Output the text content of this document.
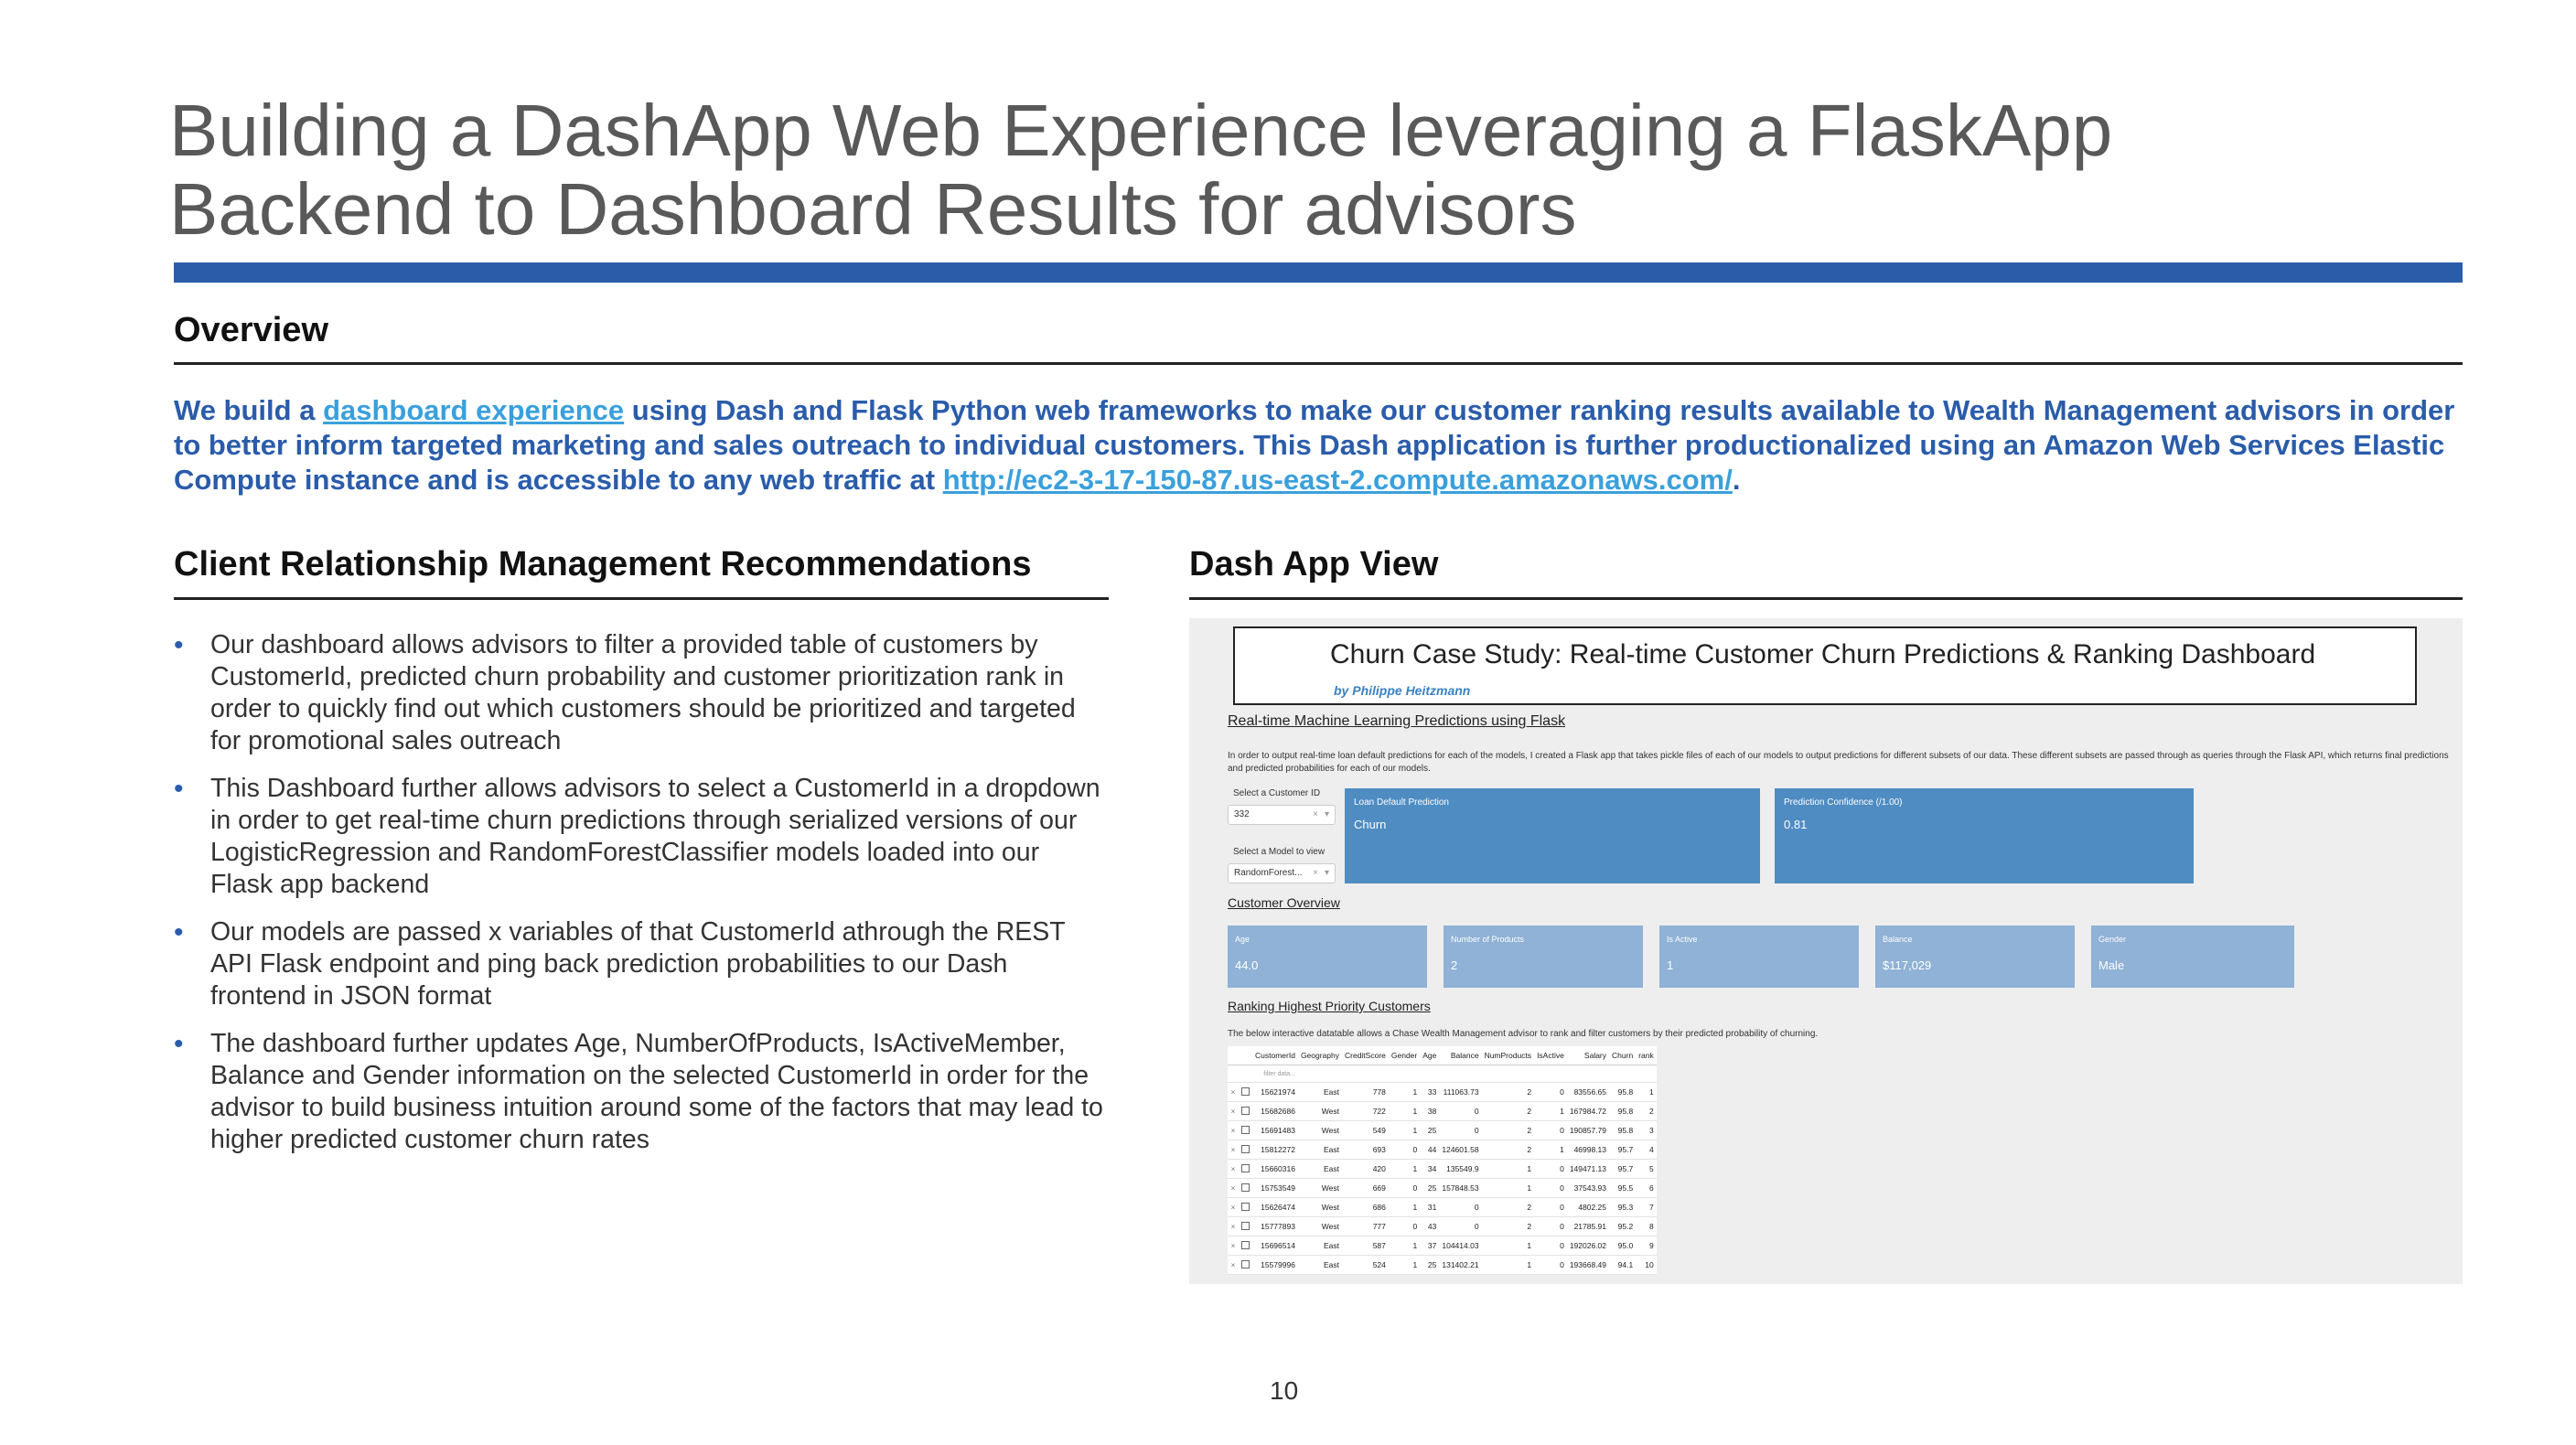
Building a DashApp Web Experience leveraging a FlaskApp
Backend to Dashboard Results for advisors
Overview
We build a dashboard experience using Dash and Flask Python web frameworks to make our customer ranking results available to Wealth Management advisors in order to better inform targeted marketing and sales outreach to individual customers. This Dash application is further productionalized using an Amazon Web Services Elastic Compute instance and is accessible to any web traffic at http://ec2-3-17-150-87.us-east-2.compute.amazonaws.com/.
Client Relationship Management Recommendations
• Our dashboard allows advisors to filter a provided table of customers by CustomerId, predicted churn probability and customer prioritization rank in order to quickly find out which customers should be prioritized and targeted for promotional sales outreach
• This Dashboard further allows advisors to select a CustomerId in a dropdown in order to get real-time churn predictions through serialized versions of our LogisticRegression and RandomForestClassifier models loaded into our Flask app backend
• Our models are passed x variables of that CustomerId athrough the REST API Flask endpoint and ping back prediction probabilities to our Dash frontend in JSON format
• The dashboard further updates Age, NumberOfProducts, IsActiveMember, Balance and Gender information on the selected CustomerId in order for the advisor to build business intuition around some of the factors that may lead to higher predicted customer churn rates
Dash App View
Churn Case Study: Real-time Customer Churn Predictions & Ranking Dashboard
by Philippe Heitzmann
Real-time Machine Learning Predictions using Flask
In order to output real-time loan default predictions for each of the models, I created a Flask app that takes pickle files of each of our models to output predictions for different subsets of our data. These different subsets are passed through as queries through the Flask API, which returns final predictions and predicted probabilities for each of our models.
Select a Customer ID
332	× ▾
Select a Model to view
RandomForest... × ▾
Loan Default Prediction
Churn
Prediction Confidence (/1.00)
0.81
Customer Overview
Age
44.0
Number of Products
2
Is Active
1
Balance
$117,029
Gender
Male
Ranking Highest Priority Customers
The below interactive datatable allows a Chase Wealth Management advisor to rank and filter customers by their predicted probability of churning.
		CustomerId	Geography	CreditScore	Gender	Age	Balance	NumProducts	IsActive	Salary	Churn	rank
		filter data...										
×		15621974	East	778	1	33	111063.73	2	0	83556.65	95.8	1
×		15682686	West	722	1	38	0	2	1	167984.72	95.8	2
×		15691483	West	549	1	25	0	2	0	190857.79	95.8	3
×		15812272	East	693	0	44	124601.58	2	1	46998.13	95.7	4
×		15660316	East	420	1	34	135549.9	1	0	149471.13	95.7	5
×		15753549	West	669	0	25	157848.53	1	0	37543.93	95.5	6
×		15626474	West	686	1	31	0	2	0	4802.25	95.3	7
×		15777893	West	777	0	43	0	2	0	21785.91	95.2	8
×		15696514	East	587	1	37	104414.03	1	0	192026.02	95.0	9
×		15579996	East	524	1	25	131402.21	1	0	193668.49	94.1	10
10
